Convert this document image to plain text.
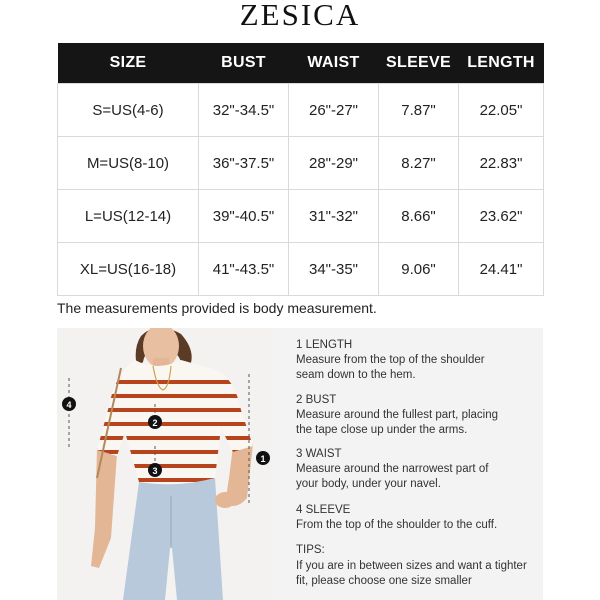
ZESICA
SIZE	BUST	WAIST	SLEEVE	LENGTH
S=US(4-6)	32"-34.5"	26"-27"	7.87"	22.05"
M=US(8-10)	36"-37.5"	28"-29"	8.27"	22.83"
L=US(12-14)	39"-40.5"	31"-32"	8.66"	23.62"
XL=US(16-18)	41"-43.5"	34"-35"	9.06"	24.41"
The measurements provided is body measurement.
4
2
3
1
1 LENGTH
Measure from the top of the shoulder
seam down to the hem.
2 BUST
Measure around the fullest part, placing
the tape close up under the arms.
3 WAIST
Measure around the narrowest part of
your body, under your navel.
4 SLEEVE
From the top of the shoulder to the cuff.
TIPS:
If you are in between sizes and want a tighter
fit, please choose one size smaller
